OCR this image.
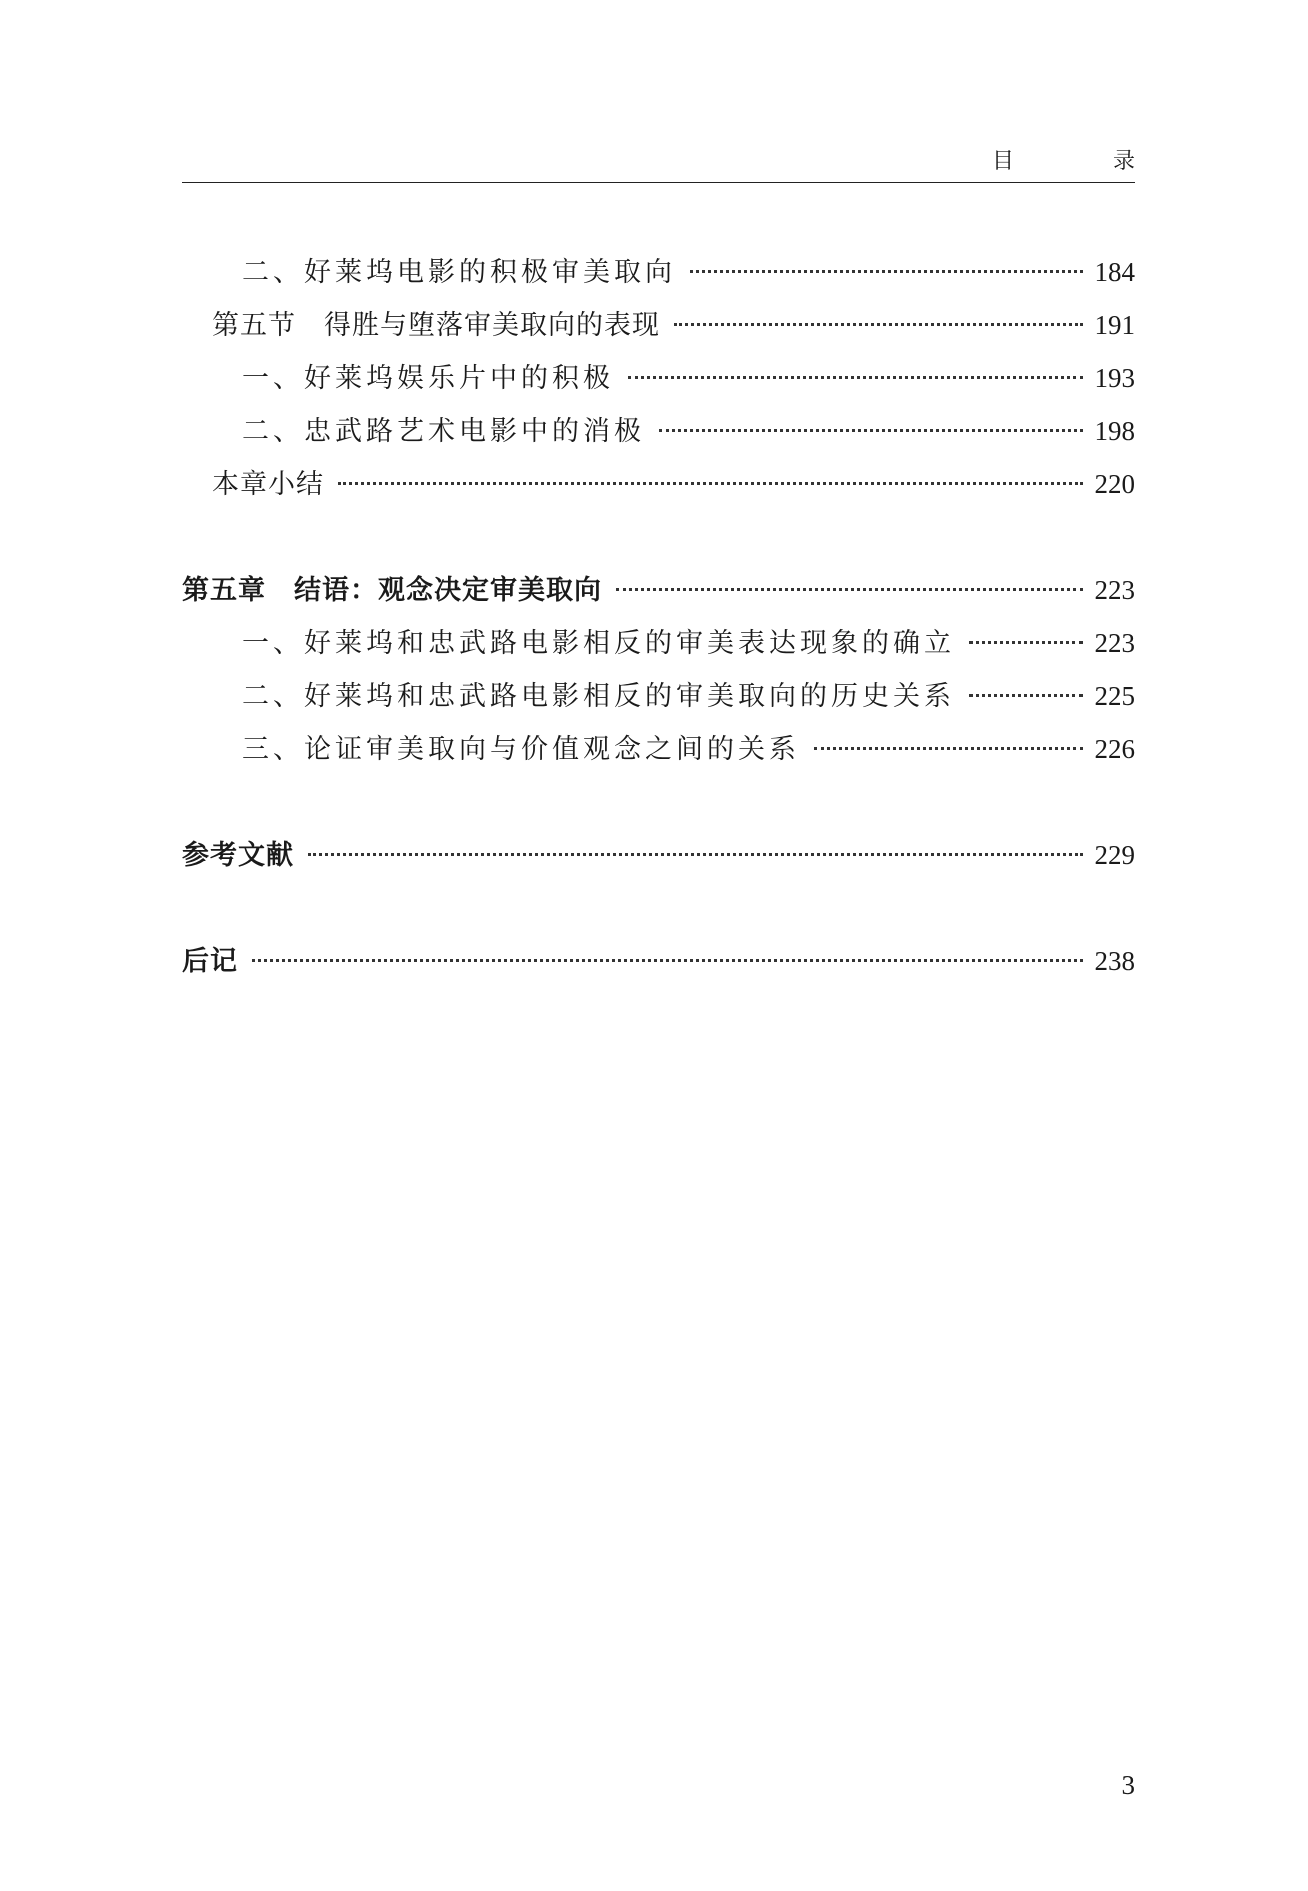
目 录
二、好莱坞电影的积极审美取向	184
第五节　得胜与堕落审美取向的表现	191
一、好莱坞娱乐片中的积极	193
二、忠武路艺术电影中的消极	198
本章小结	220
第五章　结语：观念决定审美取向	223
一、好莱坞和忠武路电影相反的审美表达现象的确立	223
二、好莱坞和忠武路电影相反的审美取向的历史关系	225
三、论证审美取向与价值观念之间的关系	226
参考文献	229
后记	238
3
